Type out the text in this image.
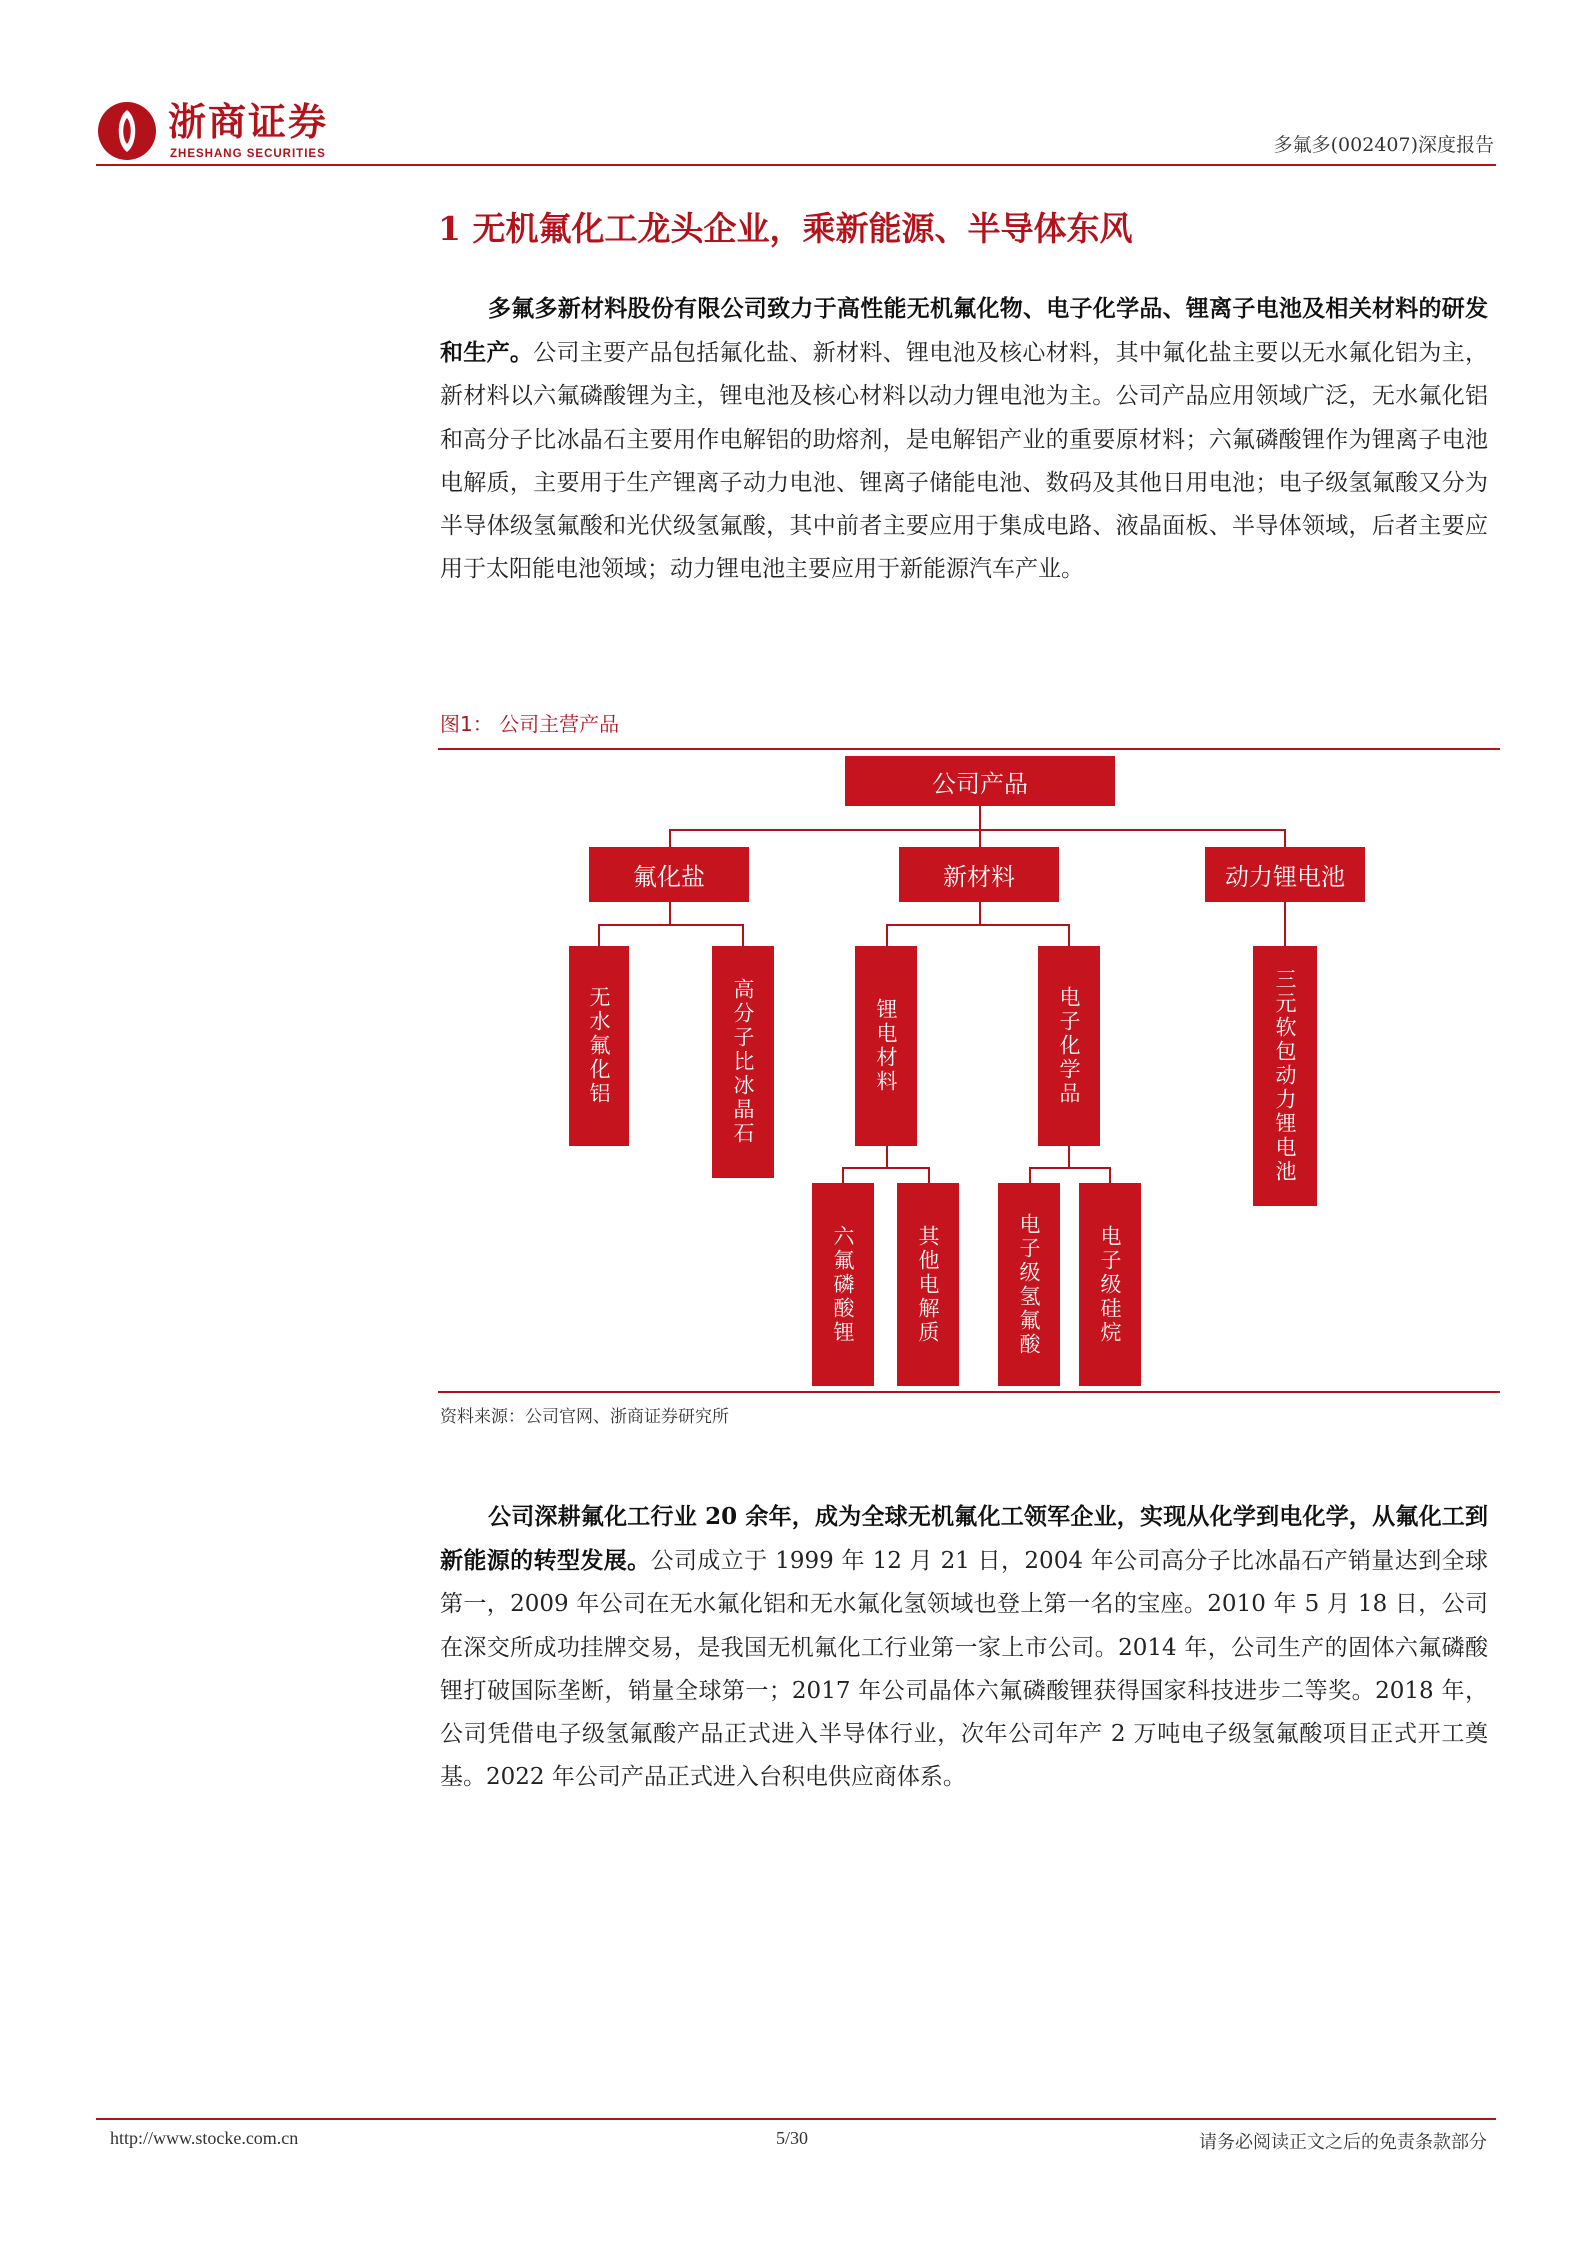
浙商证券
ZHESHANG SECURITIES	多氟多(002407)深度报告
1 无机氟化工龙头企业，乘新能源、半导体东风
多氟多新材料股份有限公司致力于高性能无机氟化物、电子化学品、锂离子电池及相关材料的研发和生产。公司主要产品包括氟化盐、新材料、锂电池及核心材料，其中氟化盐主要以无水氟化铝为主，新材料以六氟磷酸锂为主，锂电池及核心材料以动力锂电池为主。公司产品应用领域广泛，无水氟化铝和高分子比冰晶石主要用作电解铝的助熔剂，是电解铝产业的重要原材料；六氟磷酸锂作为锂离子电池电解质，主要用于生产锂离子动力电池、锂离子储能电池、数码及其他日用电池；电子级氢氟酸又分为半导体级氢氟酸和光伏级氢氟酸，其中前者主要应用于集成电路、液晶面板、半导体领域，后者主要应用于太阳能电池领域；动力锂电池主要应用于新能源汽车产业。
图1： 公司主营产品
公司产品
氟化盐	新材料	动力锂电池
无水氟化铝	高分子比冰晶石	锂电材料	电子化学品	三元软包动力锂电池
六氟磷酸锂	其他电解质	电子级氢氟酸	电子级硅烷
资料来源：公司官网、浙商证券研究所
公司深耕氟化工行业 20 余年，成为全球无机氟化工领军企业，实现从化学到电化学，从氟化工到新能源的转型发展。公司成立于 1999 年 12 月 21 日，2004 年公司高分子比冰晶石产销量达到全球第一，2009 年公司在无水氟化铝和无水氟化氢领域也登上第一名的宝座。2010 年 5 月 18 日，公司在深交所成功挂牌交易，是我国无机氟化工行业第一家上市公司。2014 年，公司生产的固体六氟磷酸锂打破国际垄断，销量全球第一；2017 年公司晶体六氟磷酸锂获得国家科技进步二等奖。2018 年，公司凭借电子级氢氟酸产品正式进入半导体行业，次年公司年产 2 万吨电子级氢氟酸项目正式开工奠基。2022 年公司产品正式进入台积电供应商体系。
http://www.stocke.com.cn	5/30	请务必阅读正文之后的免责条款部分
